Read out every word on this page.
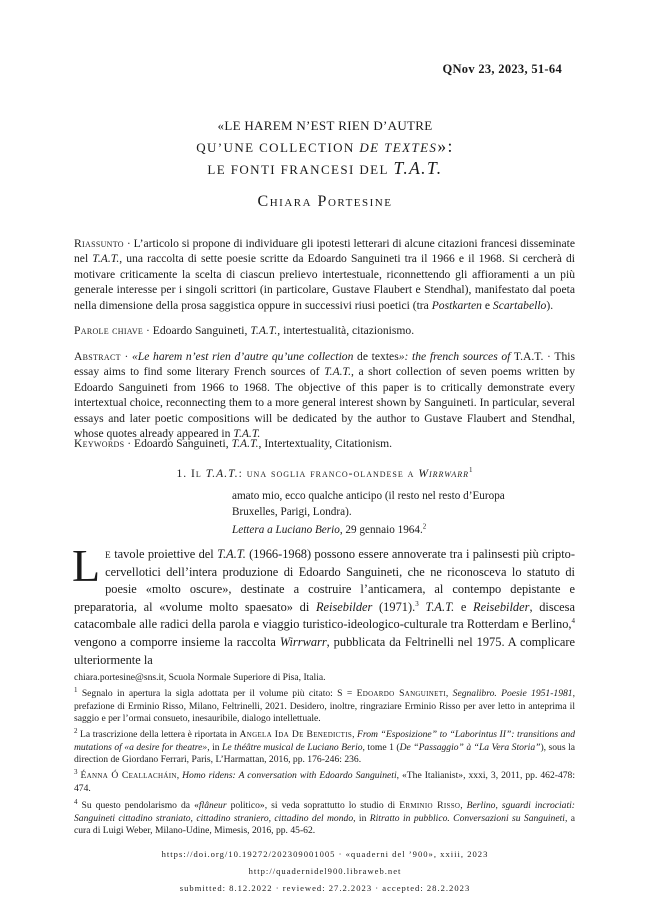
QNov 23, 2023, 51-64
«Le harem n’est rien d’autre
qu’une collection de textes»:
le fonti francesi del T.A.T.
Chiara Portesine
Riassunto · L’articolo si propone di individuare gli ipotesti letterari di alcune citazioni francesi disseminate nel T.A.T., una raccolta di sette poesie scritte da Edoardo Sanguineti tra il 1966 e il 1968. Si cercherà di motivare criticamente la scelta di ciascun prelievo intertestuale, riconnettendo gli affioramenti a un più generale interesse per i singoli scrittori (in particolare, Gustave Flaubert e Stendhal), manifestato dal poeta nella dimensione della prosa saggistica oppure in successivi riusi poetici (tra Postkarten e Scartabello).
Parole chiave · Edoardo Sanguineti, T.A.T., intertestualità, citazionismo.
Abstract · «Le harem n’est rien d’autre qu’une collection de textes»: the french sources of T.A.T. · This essay aims to find some literary French sources of T.A.T., a short collection of seven poems written by Edoardo Sanguineti from 1966 to 1968. The objective of this paper is to critically demonstrate every intertextual choice, reconnecting them to a more general interest shown by Sanguineti. In particular, several essays and later poetic compositions will be dedicated by the author to Gustave Flaubert and Stendhal, whose quotes already appeared in T.A.T.
Keywords · Edoardo Sanguineti, T.A.T., Intertextuality, Citationism.
1. Il T.A.T.: una soglia franco-olandese a Wirrwarr$^1$
amato mio, ecco qualche anticipo (il resto nel resto d’Europa
Bruxelles, Parigi, Londra).
Lettera a Luciano Berio, 29 gennaio 1964.$^2$
Le tavole proiettive del T.A.T. (1966-1968) possono essere annoverate tra i palinsesti più cripto-cervellotici dell’intera produzione di Edoardo Sanguineti, che ne riconosceva lo statuto di poesie «molto oscure», destinate a costruire l’anticamera, al contempo depistante e preparatoria, al «volume molto spaesato» di Reisebilder (1971).$^3$ T.A.T. e Reisebilder, discesa catacombale alle radici della parola e viaggio turistico-ideologico-culturale tra Rotterdam e Berlino,$^4$ vengono a comporre insieme la raccolta Wirrwarr, pubblicata da Feltrinelli nel 1975. A complicare ulteriormente la
chiara.portesine@sns.it, Scuola Normale Superiore di Pisa, Italia.
$^1$ Segnalo in apertura la sigla adottata per il volume più citato: S = Edoardo Sanguineti, Segnalibro. Poesie 1951-1981, prefazione di Erminio Risso, Milano, Feltrinelli, 2021. Desidero, inoltre, ringraziare Erminio Risso per aver letto in anteprima il saggio e per l’ormai consueto, inesauribile, dialogo intellettuale.
$^2$ La trascrizione della lettera è riportata in Angela Ida De Benedictis, From “Esposizione” to “Laborintus II”: transitions and mutations of «a desire for theatre», in Le théâtre musical de Luciano Berio, tome 1 (De “Passaggio” à “La Vera Storia”), sous la direction de Giordano Ferrari, Paris, L’Harmattan, 2016, pp. 176-246: 236.
$^3$ Éanna Ó Ceallacháin, Homo ridens: A conversation with Edoardo Sanguineti, «The Italianist», xxxi, 3, 2011, pp. 462-478: 474.
$^4$ Su questo pendolarismo da «flâneur politico», si veda soprattutto lo studio di Erminio Risso, Berlino, sguardi incrociati: Sanguineti cittadino straniato, cittadino straniero, cittadino del mondo, in Ritratto in pubblico. Conversazioni su Sanguineti, a cura di Luigi Weber, Milano-Udine, Mimesis, 2016, pp. 45-62.
https://doi.org/10.19272/202309001005 · «quaderni del ’900», xxiii, 2023
http://quadernidel900.libraweb.net
submitted: 8.12.2022 · reviewed: 27.2.2023 · accepted: 28.2.2023
